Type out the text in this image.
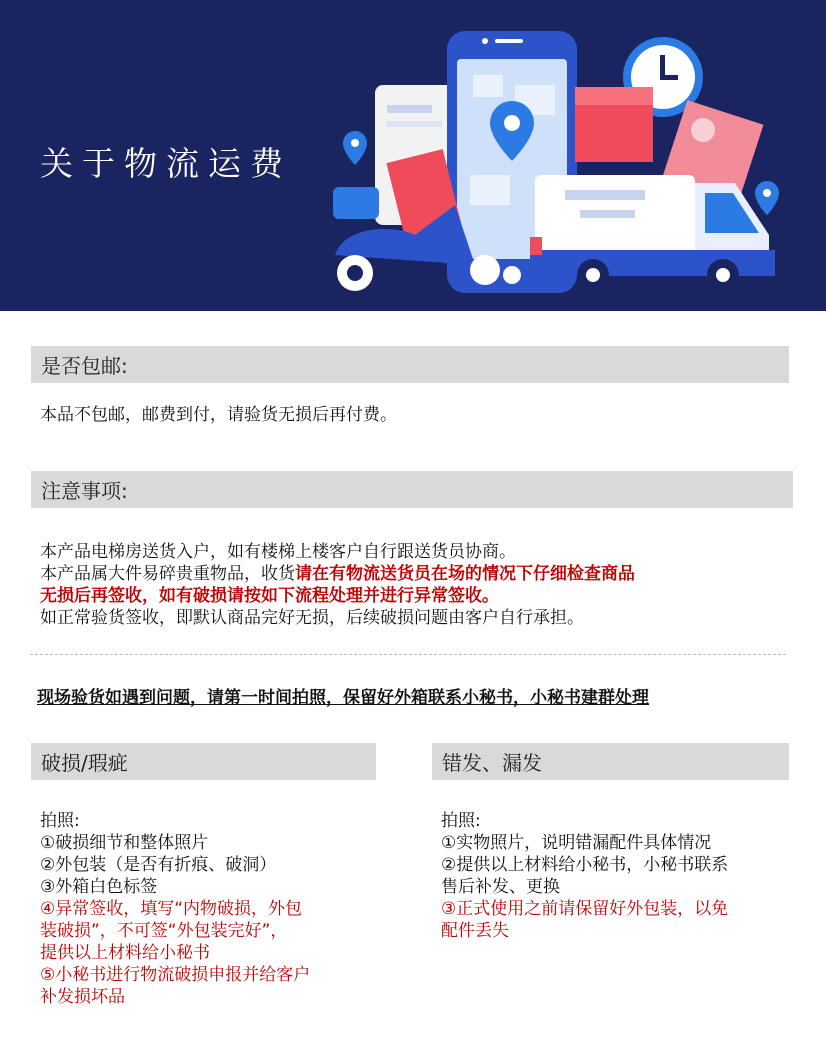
关于物流运费
是否包邮:
本品不包邮，邮费到付，请验货无损后再付费。
注意事项:
本产品电梯房送货入户，如有楼梯上楼客户自行跟送货员协商。
本产品属大件易碎贵重物品，收货请在有物流送货员在场的情况下仔细检查商品
无损后再签收，如有破损请按如下流程处理并进行异常签收。
如正常验货签收，即默认商品完好无损，后续破损问题由客户自行承担。
现场验货如遇到问题，请第一时间拍照，保留好外箱联系小秘书，小秘书建群处理
破损/瑕疵
拍照:
①破损细节和整体照片
②外包装（是否有折痕、破洞）
③外箱白色标签
④异常签收，填写“内物破损，外包
装破损”，不可签“外包装完好”，
提供以上材料给小秘书
⑤小秘书进行物流破损申报并给客户
补发损坏品
错发、漏发
拍照:
①实物照片，说明错漏配件具体情况
②提供以上材料给小秘书，小秘书联系
售后补发、更换
③正式使用之前请保留好外包装，以免
配件丢失
